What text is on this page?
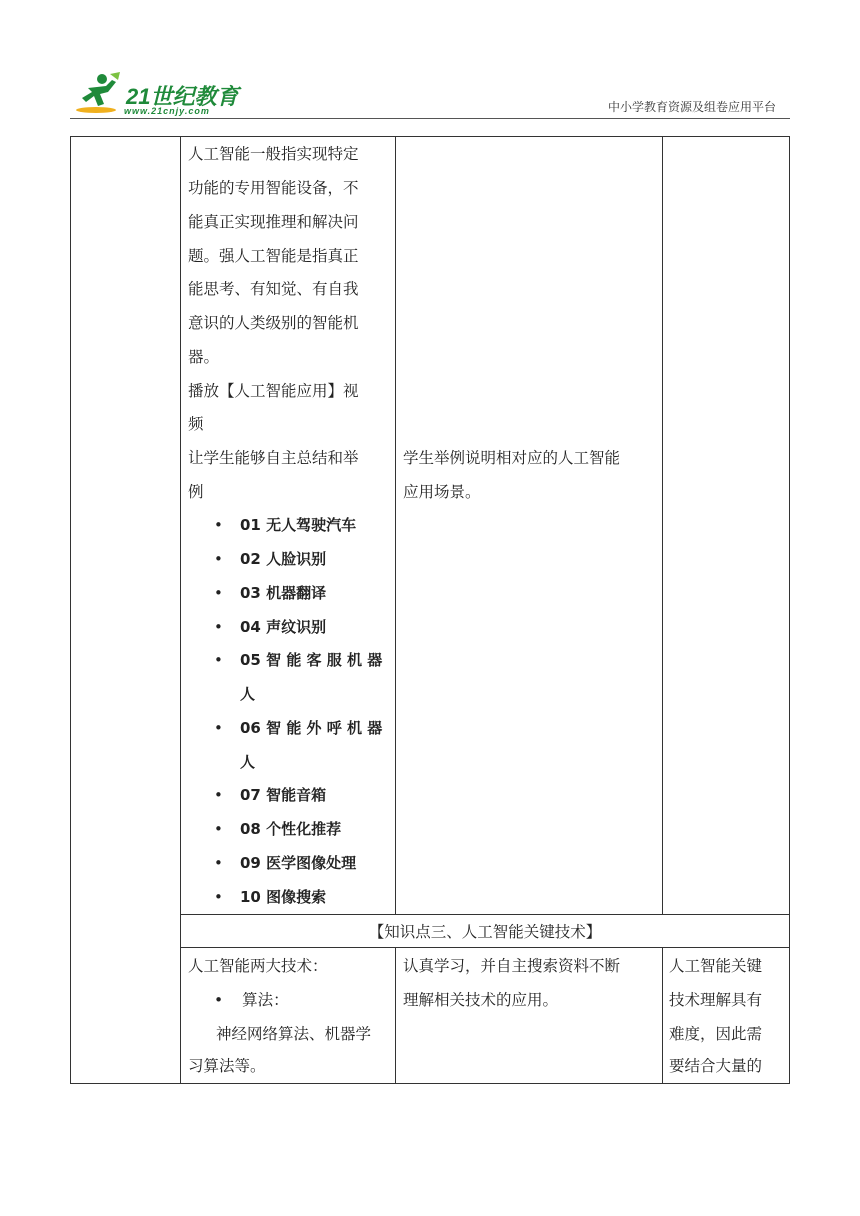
21世纪教育
www.21cnjy.com	中小学教育资源及组卷应用平台
人工智能一般指实现特定
功能的专用智能设备，不
能真正实现推理和解决问
题。强人工智能是指真正
能思考、有知觉、有自我
意识的人类级别的智能机
器。
播放【人工智能应用】视
频
让学生能够自主总结和举
例
• 01 无人驾驶汽车
• 02 人脸识别
• 03 机器翻译
• 04 声纹识别
• 05 智 能 客 服 机 器
人
• 06 智 能 外 呼 机 器
人
• 07 智能音箱
• 08 个性化推荐
• 09 医学图像处理
• 10 图像搜索
学生举例说明相对应的人工智能
应用场景。
【知识点三、人工智能关键技术】
人工智能两大技术：
• 算法：
神经网络算法、机器学
习算法等。
认真学习，并自主搜索资料不断
理解相关技术的应用。
人工智能关键
技术理解具有
难度，因此需
要结合大量的
